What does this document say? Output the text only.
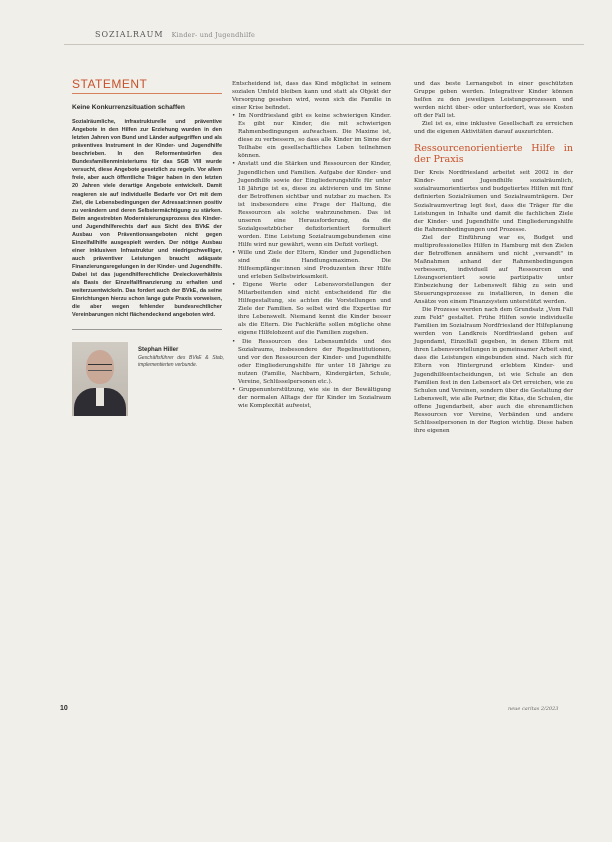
SOZIALRAUM Kinder- und Jugendhilfe
STATEMENT
Keine Konkurrenzsituation schaffen
Sozialräumliche, infrastrukturelle und präventive Angebote in den Hilfen zur Erziehung wurden in den letzten Jahren von Bund und Länder aufgegriffen und als präventives Instrument in der Kinder- und Jugendhilfe beschrieben. In den Reformentwürfen des Bundesfamilienministeriums für das SGB VIII wurde versucht, diese Angebote gesetzlich zu regeln. Vor allem freie, aber auch öffentliche Träger haben in den letzten 20 Jahren viele derartige Angebote entwickelt. Damit reagieren sie auf individuelle Bedarfe vor Ort mit dem Ziel, die Lebensbedingungen der Adressat:innen positiv zu verändern und deren Selbstermächtigung zu stärken. Beim angestrebten Modernisierungsprozess des Kinder- und Jugendhilferechts darf aus Sicht des BVkE der Ausbau von Präventionsangeboten nicht gegen Einzelfallhilfe ausgespielt werden. Der nötige Ausbau einer inklusiven Infrastruktur und niedrigschwelliger, auch präventiver Leistungen braucht adäquate Finanzierungsregelungen in der Kinder- und Jugendhilfe. Dabei ist das jugendhilferechtliche Dreiecksverhältnis als Basis der Einzelfallfinanzierung zu erhalten und weiterzuentwickeln. Das fordert auch der BVkE, da seine Einrichtungen hierzu schon lange gute Praxis vorweisen, die aber wegen fehlender bundesrechtlicher Vereinbarungen nicht flächendeckend angeboten wird.
Stephan Hiller
Geschäftsführer des BVkE & Stab, implementierten verbunde.

Entscheidend ist, dass das Kind möglichst in seinem sozialen Umfeld bleiben kann und statt als Objekt der Versorgung gesehen wird, wenn sich die Familie in einer Krise befindet.

• Im Nordfriesland gibt es keine schwierigen Kinder. Es gibt nur Kinder, die mit schwierigen Rahmenbedingungen aufwachsen. Die Maxime ist, diese zu verbessern, so dass alle Kinder im Sinne der Teilhabe ein gesellschaftliches Leben teilnehmen können.

• Anstatt und die Stärken und Ressourcen der Kinder, Jugendlichen und Familien. Aufgabe der Kinder- und Jugendhilfe sowie der Eingliederungshilfe für unter 18 Jährige ist es, diese zu aktivieren und im Sinne der Betroffenen sichtbar und nutzbar zu machen. Es ist insbesondere eine Frage der Haltung, die Ressourcen als solche wahrzunehmen. Das ist unseren eine Herausforderung, da die Sozialgesetzbücher defizitorientiert formuliert worden. Eine Leistung Sozialraumgebundenen eine Hilfe wird nur gewährt, wenn ein Defizit vorliegt.

• Wille und Ziele der Eltern, Kinder und Jugendlichen sind die Handlungsmaximen. Die Hilfeempfänger:innen sind Produzenten ihrer Hilfe und erleben Selbstwirksamkeit.

• Eigene Werte oder Lebensvorstellungen der Mitarbeitenden sind nicht entscheidend für die Hilfegestaltung, sie achten die Vorstellungen und Ziele der Familien. So selbst wird die Expertise für ihre Lebenswelt. Niemand kennt die Kinder besser als die Eltern. Die Fachkräfte sollen mögliche ohne eigene Hilfelobzent auf die Familien zugehen.

• Die Ressourcen des Lebensumfelds und des Sozialraums, insbesondere der Regelinstitutionen, und vor den Ressourcen der Kinder- und Jugendhilfe oder Eingliederungshilfe für unter 18 Jährige zu nutzen (Familie, Nachbarn, Kindergärten, Schule, Vereine, Schlüsselpersonen etc.).

• Gruppenunterstützung, wie sie in der Bewältigung der normalen Alltags der für Kinder im Sozialraum wie Komplexität aufweist,

und das beste Lernangebot in einer geschützten Gruppe geben werden. Integrativer Kinder können helfen zu den jeweiligen Leistungsprozessen und werden nicht über- oder unterfordert, was sie Kosten oft der Fall ist.

Ziel ist es, eine inklusive Gesellschaft zu erreichen und die eigenen Aktivitäten darauf auszurichten.

Ressourcenorientierte Hilfe in der Praxis

Der Kreis Nordfriesland arbeitet seit 2002 in der Kinder- und Jugendhilfe sozialräumlich, sozialraumorientiertes und budgetiertes Hilfen mit fünf definierten Sozialräumen und Sozialraumträgern. Der Sozialraumvertrag legt fest, dass die Träger für die Leistungen in Inhalte und damit die fachlichen Ziele der Kinder- und Jugendhilfe und Eingliederungshilfe die Rahmenbedingungen und Prozesse.

Ziel der Einführung war es, Budget und multiprofessionelles Hilfen in Hamburg mit den Zielen der Betroffenen annähern und nicht „versandt" in Maßnahmen anhand der Rahmenbedingungen verbessern, individuell auf Ressourcen und Lösungsorientiert sowie partizipativ unter Einbeziehung der Lebenswelt fähig zu sein und Steuerungsprozesse zu installieren, in denen die Ansätze von einem Finanzsystem unterstützt werden.

Die Prozesse werden nach dem Grundsatz „Vom Fall zum Feld" gestaltet. Frühe Hilfen sowie individuelle Familien im Sozialraum Nordfriesland der Hilfeplanung werden von Landkreis Nordfriesland gehen auf Jugendamt, Einzelfall gegeben, in denen Eltern mit ihren Lebensvorstellungen in gemeinsamer Arbeit sind, dass die Leistungen eingebunden sind. Nach sich für Eltern von Hintergrund erlebtem Kinder- und Jugendhilfeentscheidungen, ist wie Schule an den Familien fest in den Lebensort als Ort erreichen, wie zu Schulen und Vereinen, sondern über die Gestaltung der Lebenswelt, wie alle Partner, die Kitas, die Schulen, die offene Jugendarbeit, aber auch die ehrenamtlichen Ressourcen vor Vereine, Verbänden und andere Schlüsselpersonen in der Region wichtig. Diese haben ihre eigenen

10	neue caritas 2/2023
